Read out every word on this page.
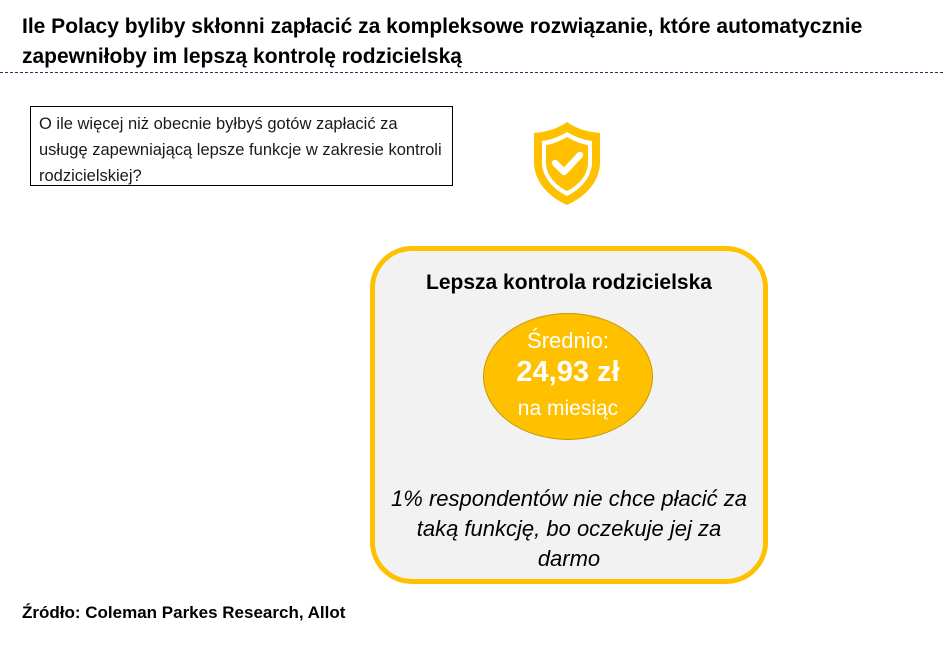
Ile Polacy byliby skłonni zapłacić za kompleksowe rozwiązanie, które automatycznie zapewniłoby im lepszą kontrolę rodzicielską
O ile więcej niż obecnie byłbyś gotów zapłacić za usługę zapewniającą lepsze funkcje w zakresie kontroli rodzicielskiej?
Lepsza kontrola rodzicielska
Średnio:
24,93 zł
na miesiąc

1% respondentów nie chce płacić za taką funkcję, bo oczekuje jej za darmo

Źródło: Coleman Parkes Research, Allot
